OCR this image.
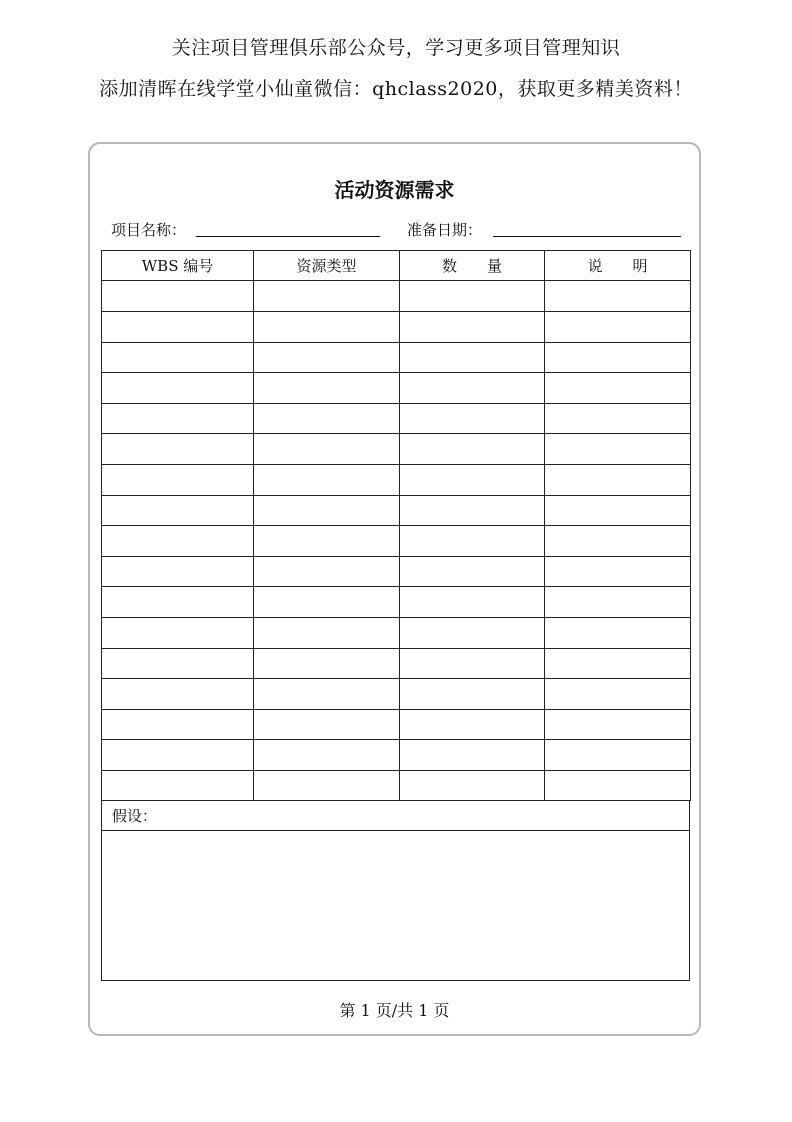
关注项目管理俱乐部公众号，学习更多项目管理知识
添加清晖在线学堂小仙童微信：qhclass2020，获取更多精美资料！
活动资源需求
项目名称：	准备日期：
WBS 编号	资源类型	数　　量	说　　明

假设：
第 1 页/共 1 页
